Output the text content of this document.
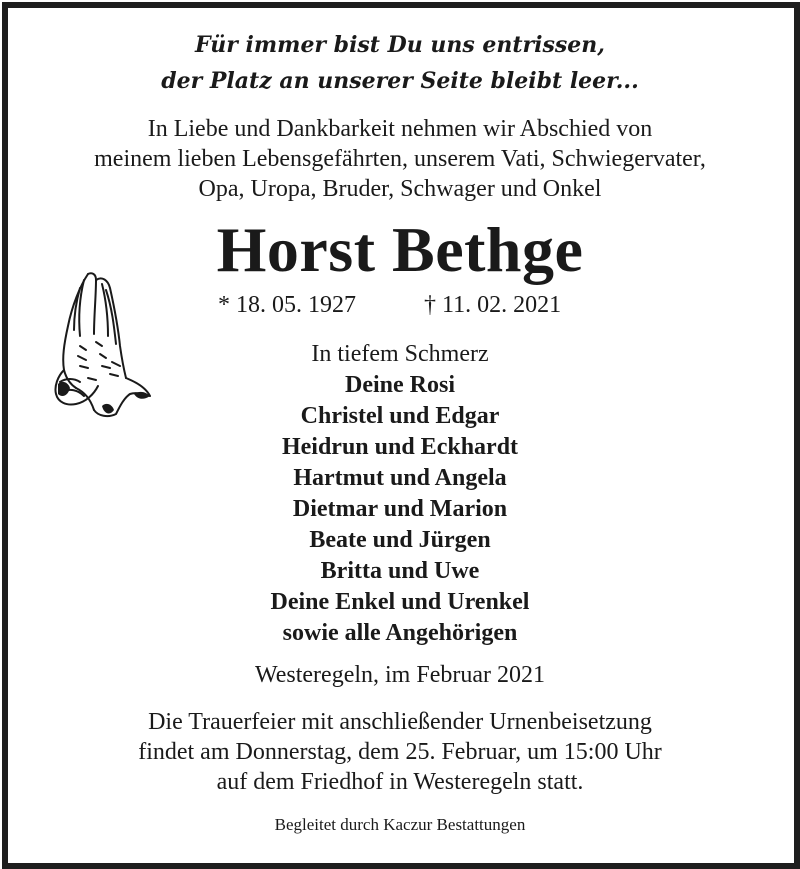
Für immer bist Du uns entrissen,
der Platz an unserer Seite bleibt leer...
In Liebe und Dankbarkeit nehmen wir Abschied von
meinem lieben Lebensgefährten, unserem Vati, Schwiegervater,
Opa, Uropa, Bruder, Schwager und Onkel
Horst Bethge
* 18. 05. 1927	† 11. 02. 2021
In tiefem Schmerz
Deine Rosi
Christel und Edgar
Heidrun und Eckhardt
Hartmut und Angela
Dietmar und Marion
Beate und Jürgen
Britta und Uwe
Deine Enkel und Urenkel
sowie alle Angehörigen
Westeregeln, im Februar 2021
Die Trauerfeier mit anschließender Urnenbeisetzung
findet am Donnerstag, dem 25. Februar, um 15:00 Uhr
auf dem Friedhof in Westeregeln statt.
Begleitet durch Kaczur Bestattungen
